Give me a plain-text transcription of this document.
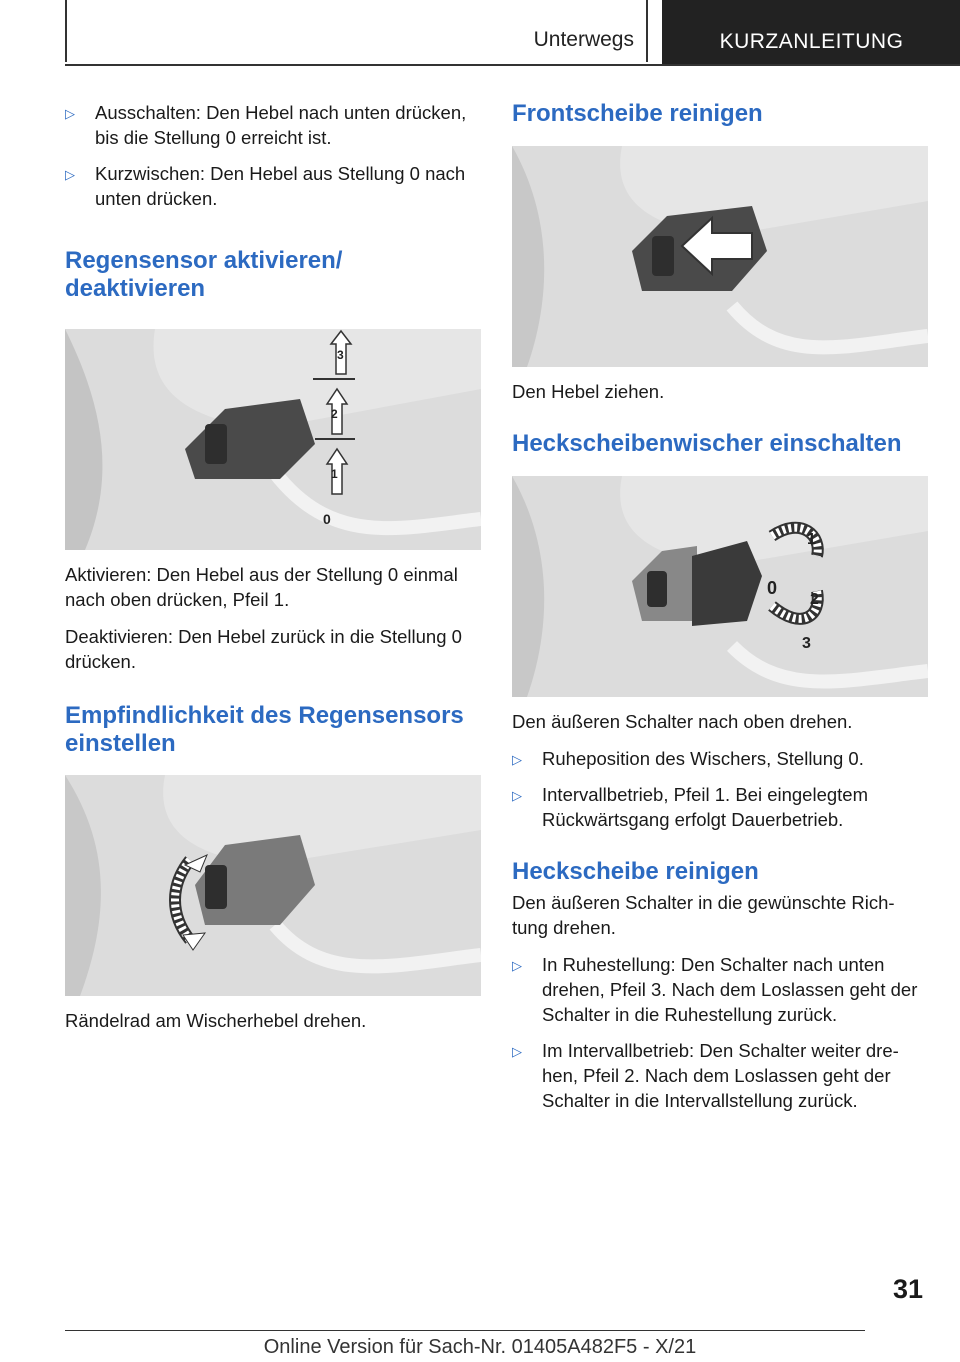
Unterwegs	KURZANLEITUNG
▷ Ausschalten: Den Hebel nach unten drücken, bis die Stellung 0 erreicht ist.
▷ Kurzwischen: Den Hebel aus Stellung 0 nach unten drücken.
Regensensor aktivieren/
deaktivieren
3
2
1
0

Aktivieren: Den Hebel aus der Stellung 0 einmal nach oben drücken, Pfeil 1.

Deaktivieren: Den Hebel zurück in die Stellung 0 drücken.

Empfindlichkeit des Regensensors
einstellen

Rändelrad am Wischerhebel drehen.

Frontscheibe reinigen

Den Hebel ziehen.

Heckscheibenwischer einschalten
1
0
2
3

Den äußeren Schalter nach oben drehen.

▷ Ruheposition des Wischers, Stellung 0.
▷ Intervallbetrieb, Pfeil 1. Bei eingelegtem Rückwärtsgang erfolgt Dauerbetrieb.
Heckscheibe reinigen

Den äußeren Schalter in die gewünschte Rich-tung drehen.

▷ In Ruhestellung: Den Schalter nach unten drehen, Pfeil 3. Nach dem Loslassen geht der Schalter in die Ruhestellung zurück.
▷ Im Intervallbetrieb: Den Schalter weiter dre-hen, Pfeil 2. Nach dem Loslassen geht der Schalter in die Intervallstellung zurück.
31
Online Version für Sach-Nr. 01405A482F5 - X/21
